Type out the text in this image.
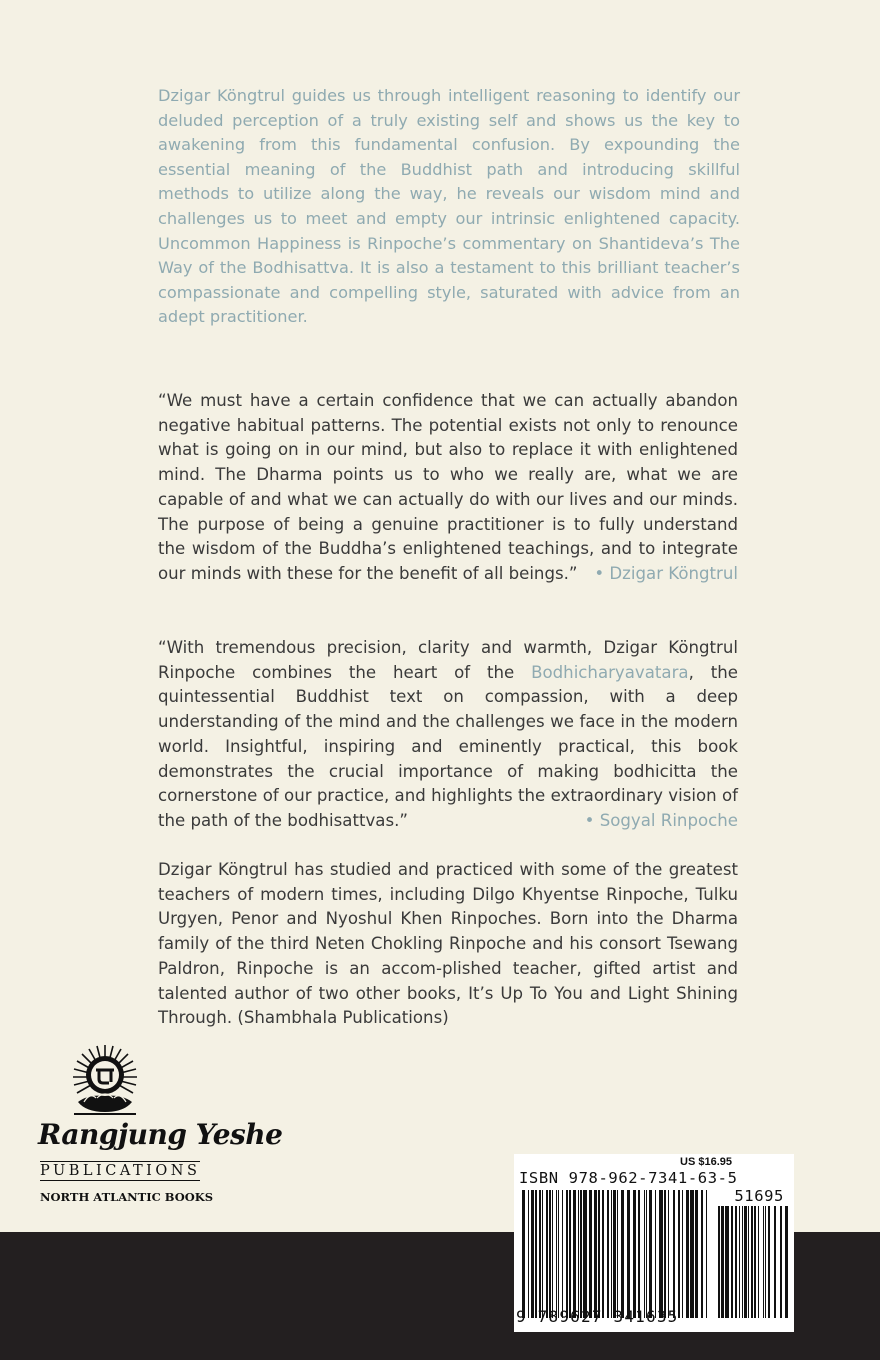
Dzigar Köngtrul guides us through intelligent reasoning to identify our deluded perception of a truly existing self and shows us the key to awakening from this fundamental confusion. By expounding the essential meaning of the Buddhist path and introducing skillful methods to utilize along the way, he reveals our wisdom mind and challenges us to meet and empty our intrinsic enlightened capacity. Uncommon Happiness is Rinpoche’s commentary on Shantideva’s The Way of the Bodhisattva. It is also a testament to this brilliant teacher’s compassionate and compelling style, saturated with advice from an adept practitioner.

“We must have a certain confidence that we can actually abandon negative habitual patterns. The potential exists not only to renounce what is going on in our mind, but also to replace it with enlightened mind. The Dharma points us to who we really are, what we are capable of and what we can actually do with our lives and our minds. The purpose of being a genuine practitioner is to fully understand the wisdom of the Buddha’s enlightened teachings, and to integrate our minds with these for the benefit of all beings.” • Dzigar Köngtrul

“With tremendous precision, clarity and warmth, Dzigar Köngtrul Rinpoche combines the heart of the Bodhicharyavatara, the quintessential Buddhist text on compassion, with a deep understanding of the mind and the challenges we face in the modern world. Insightful, inspiring and eminently practical, this book demonstrates the crucial importance of making bodhicitta the cornerstone of our practice, and highlights the extraordinary vision of the path of the bodhisattvas.”	• Sogyal Rinpoche

Dzigar Köngtrul has studied and practiced with some of the greatest teachers of modern times, including Dilgo Khyentse Rinpoche, Tulku Urgyen, Penor and Nyoshul Khen Rinpoches. Born into the Dharma family of the third Neten Chokling Rinpoche and his consort Tsewang Paldron, Rinpoche is an accom-plished teacher, gifted artist and talented author of two other books, It’s Up To You and Light Shining Through. (Shambhala Publications)

Rangjung Yeshe
PUBLICATIONS
NORTH ATLANTIC BOOKS
US $16.95
ISBN 978-962-7341-63-5
51695
9 789627 341635
